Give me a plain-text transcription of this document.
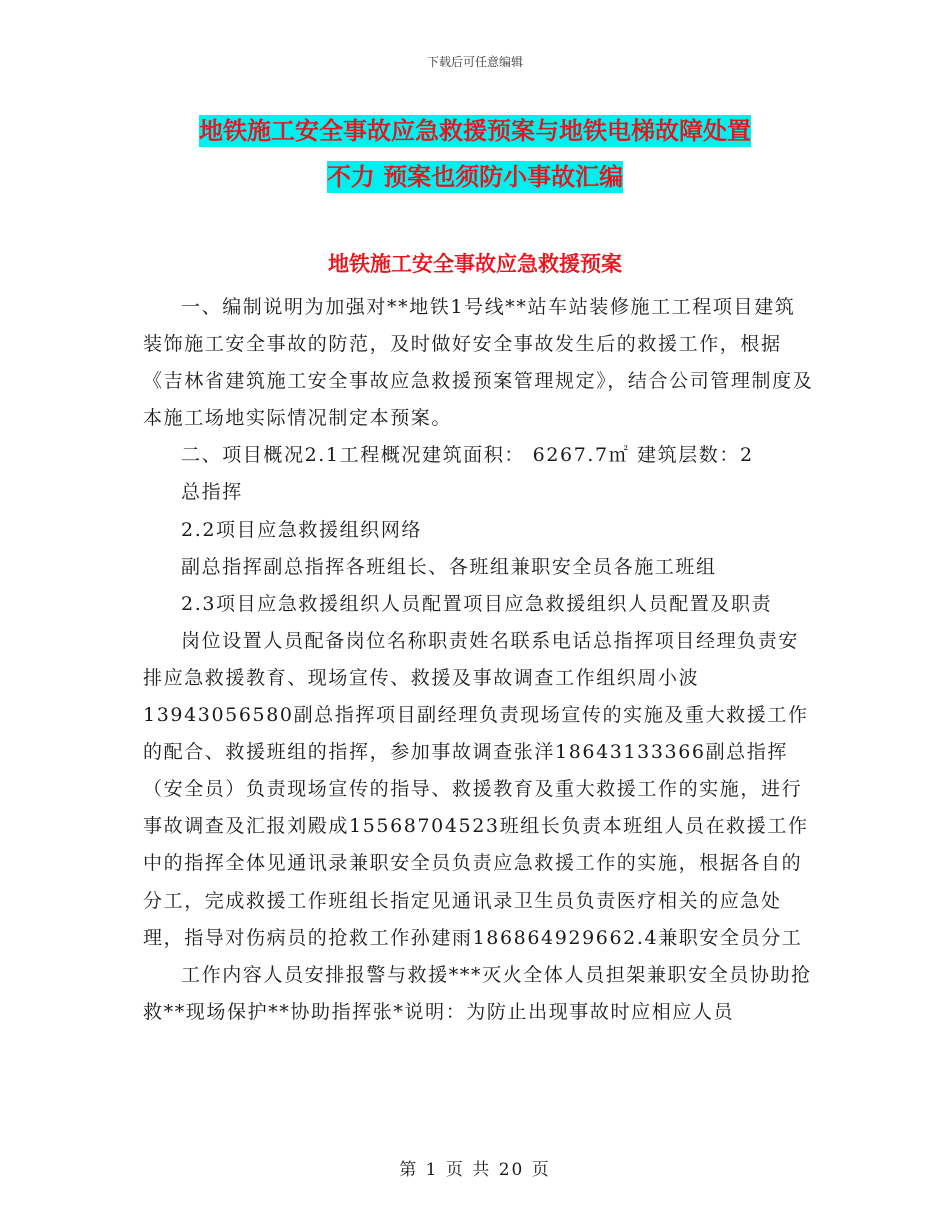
下载后可任意编辑
地铁施工安全事故应急救援预案与地铁电梯故障处置
不力 预案也须防小事故汇编
地铁施工安全事故应急救援预案

一、编制说明为加强对**地铁1号线**站车站装修施工工程项目建筑装饰施工安全事故的防范，及时做好安全事故发生后的救援工作，根据《吉林省建筑施工安全事故应急救援预案管理规定》，结合公司管理制度及本施工场地实际情况制定本预案。

二、项目概况2.1工程概况建筑面积： 6267.7㎡ 建筑层数：2

总指挥

2.2项目应急救援组织网络

副总指挥副总指挥各班组长、各班组兼职安全员各施工班组

2.3项目应急救援组织人员配置项目应急救援组织人员配置及职责

岗位设置人员配备岗位名称职责姓名联系电话总指挥项目经理负责安排应急救援教育、现场宣传、救援及事故调查工作组织周小波13943056580副总指挥项目副经理负责现场宣传的实施及重大救援工作的配合、救援班组的指挥，参加事故调查张洋18643133366副总指挥（安全员）负责现场宣传的指导、救援教育及重大救援工作的实施，进行事故调查及汇报刘殿成15568704523班组长负责本班组人员在救援工作中的指挥全体见通讯录兼职安全员负责应急救援工作的实施，根据各自的分工，完成救援工作班组长指定见通讯录卫生员负责医疗相关的应急处理，指导对伤病员的抢救工作孙建雨186864929662.4兼职安全员分工

工作内容人员安排报警与救援***灭火全体人员担架兼职安全员协助抢救**现场保护**协助指挥张*说明：为防止出现事故时应相应人员

第 1 页 共 20 页
